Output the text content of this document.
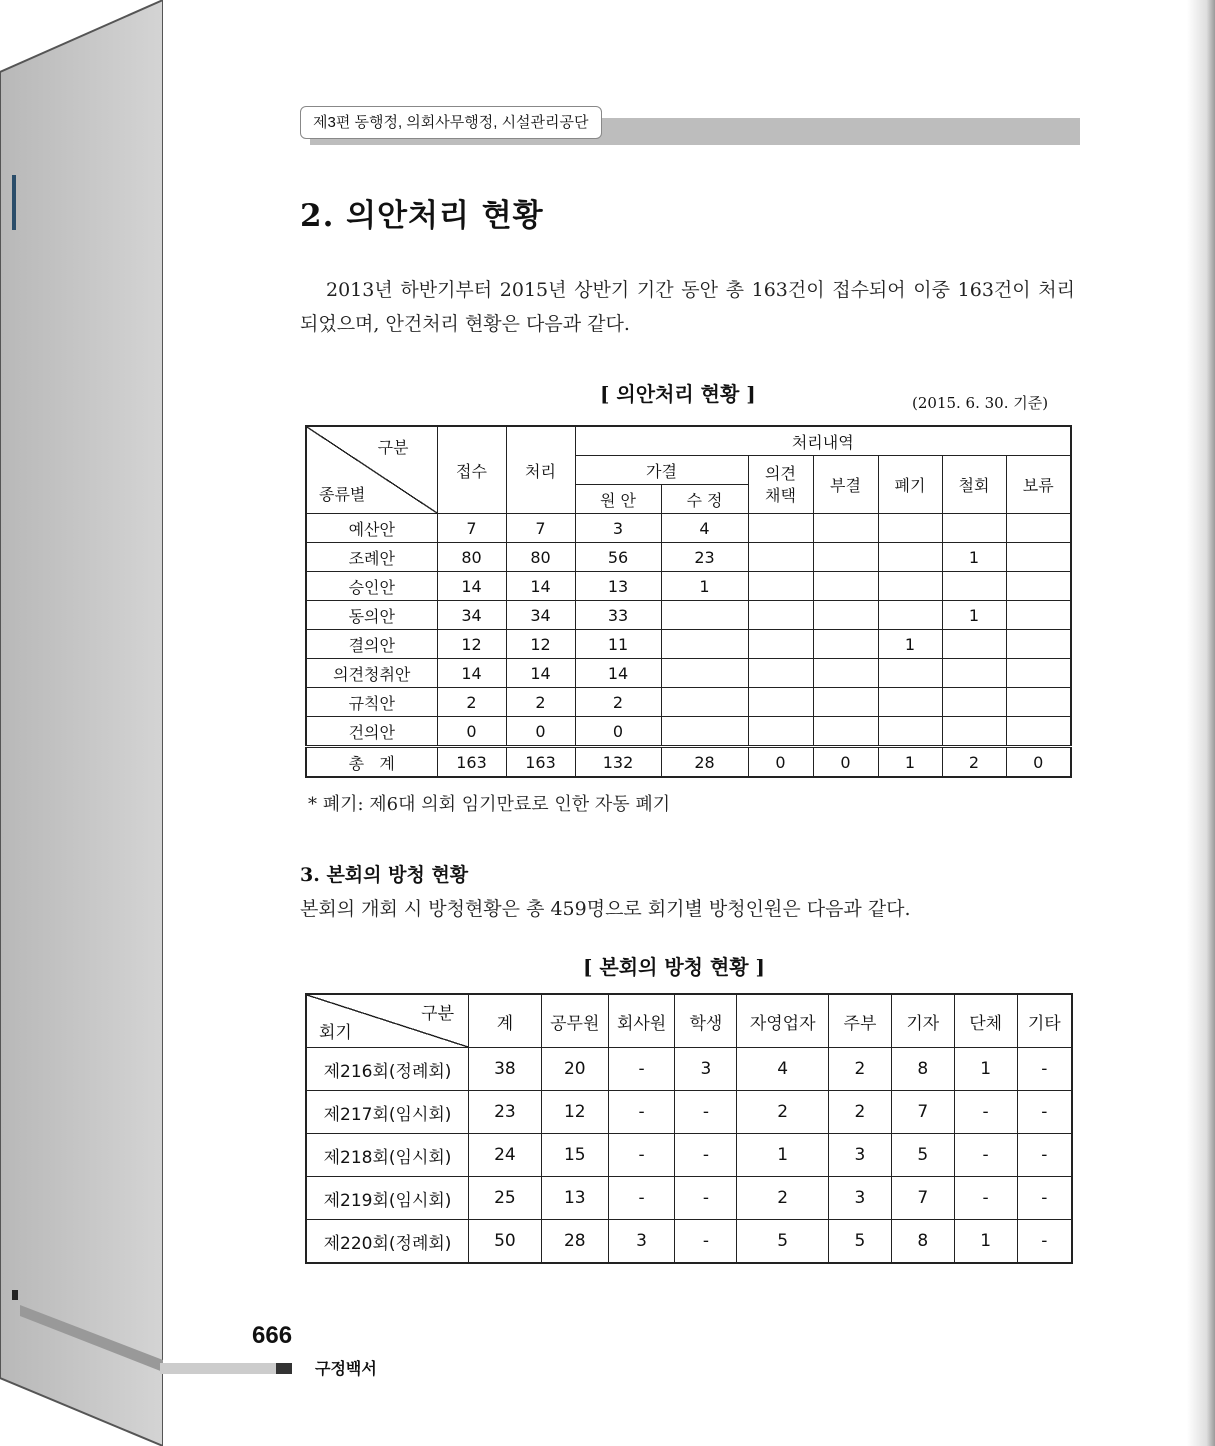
제3편 동행정, 의회사무행정, 시설관리공단
2. 의안처리 현황
2013년 하반기부터 2015년 상반기 기간 동안 총 163건이 접수되어 이중 163건이 처리되었으며, 안건처리 현황은 다음과 같다.
[ 의안처리 현황 ]	(2015. 6. 30. 기준)
구분
종류별	접수	처리	처리내역						
			가결		의견
채택	부결	폐기	철회	보류
			원 안	수 정					
예산안	7	7	3	4					
조례안	80	80	56	23				1	
승인안	14	14	13	1					
동의안	34	34	33					1	
결의안	12	12	11				1		
의견청취안	14	14	14						
규칙안	2	2	2						
건의안	0	0	0						
총   계	163	163	132	28	0	0	1	2	0
* 폐기: 제6대 의회 임기만료로 인한 자동 폐기
3. 본회의 방청 현황
본회의 개회 시 방청현황은 총 459명으로 회기별 방청인원은 다음과 같다.
[ 본회의 방청 현황 ]
구분
회기	계	공무원	회사원	학생	자영업자	주부	기자	단체	기타
제216회(정례회)	38	20	-	3	4	2	8	1	-
제217회(임시회)	23	12	-	-	2	2	7	-	-
제218회(임시회)	24	15	-	-	1	3	5	-	-
제219회(임시회)	25	13	-	-	2	3	7	-	-
제220회(정례회)	50	28	3	-	5	5	8	1	-
666
구정백서
